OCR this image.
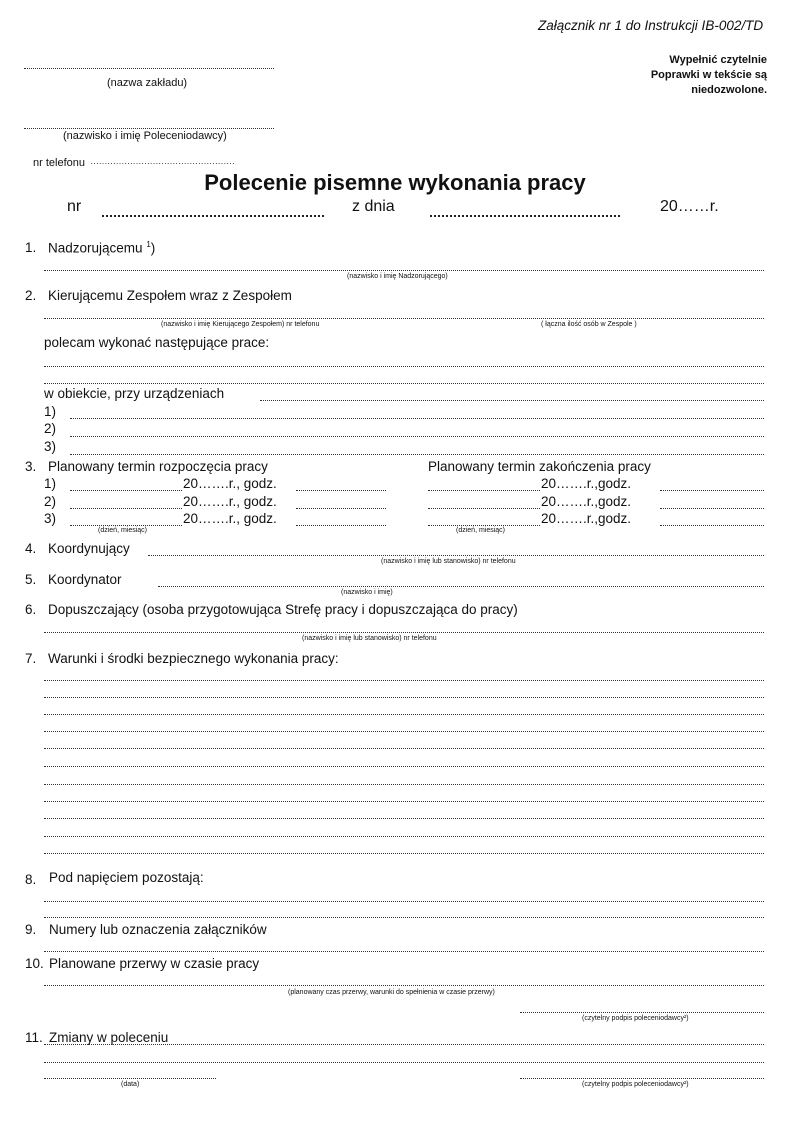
Załącznik nr 1 do Instrukcji IB-002/TD
Wypełnić czytelnie
Poprawki w tekście są
niedozwolone.
(nazwa zakładu)
(nazwisko i imię Poleceniodawcy)
nr telefonu ……………………………………………
Polecenie pisemne wykonania pracy
nr	z dnia	20……r.
1. Nadzorującemu $^1$)
(nazwisko i imię Nadzorującego)
2. Kierującemu Zespołem wraz z Zespołem
(nazwisko i imię Kierującego Zespołem) nr telefonu	( łączna ilość osób w Zespole )
polecam wykonać następujące prace:
w obiekcie, przy urządzeniach
1)
2)
3)
3. Planowany termin rozpoczęcia pracy	Planowany termin zakończenia pracy
1)	20…….r., godz.	20…….r.,godz.
2)	20…….r., godz.	20…….r.,godz.
3)	20…….r., godz.	20…….r.,godz.
(dzień, miesiąc)	(dzień, miesiąc)
4. Koordynujący
(nazwisko i imię lub stanowisko) nr telefonu
5. Koordynator
(nazwisko i imię)
6. Dopuszczający (osoba przygotowująca Strefę pracy i dopuszczająca do pracy)
(nazwisko i imię lub stanowisko) nr telefonu
7. Warunki i środki bezpiecznego wykonania pracy:
8. Pod napięciem pozostają:
9. Numery lub oznaczenia załączników
10. Planowane przerwy w czasie pracy
(planowany czas przerwy, warunki do spełnienia w czasie przerwy)
(czytelny podpis poleceniodawcy²)
11. Zmiany w poleceniu
(data)	(czytelny podpis poleceniodawcy²)
